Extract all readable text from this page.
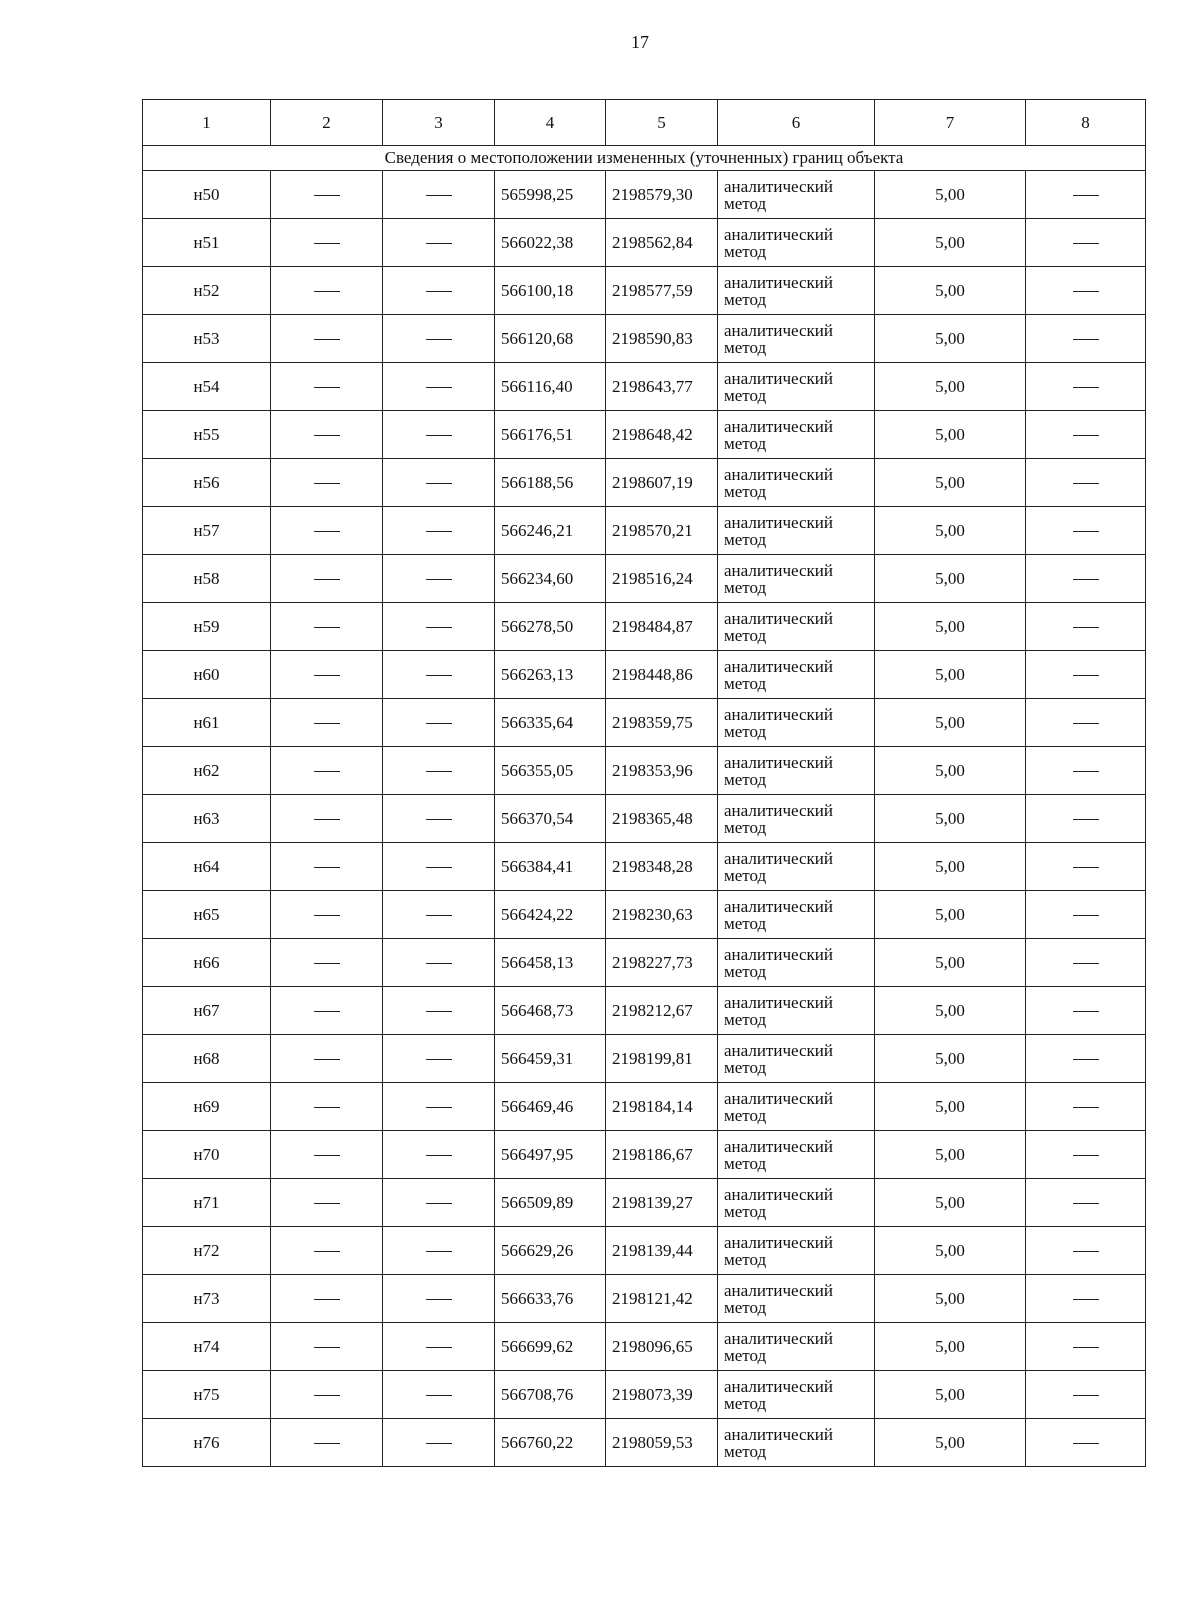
17
1	2	3	4	5	6	7	8
Сведения о местоположении измененных (уточненных) границ объекта							
н50			565998,25	2198579,30	аналитический метод	5,00	
н51			566022,38	2198562,84	аналитический метод	5,00	
н52			566100,18	2198577,59	аналитический метод	5,00	
н53			566120,68	2198590,83	аналитический метод	5,00	
н54			566116,40	2198643,77	аналитический метод	5,00	
н55			566176,51	2198648,42	аналитический метод	5,00	
н56			566188,56	2198607,19	аналитический метод	5,00	
н57			566246,21	2198570,21	аналитический метод	5,00	
н58			566234,60	2198516,24	аналитический метод	5,00	
н59			566278,50	2198484,87	аналитический метод	5,00	
н60			566263,13	2198448,86	аналитический метод	5,00	
н61			566335,64	2198359,75	аналитический метод	5,00	
н62			566355,05	2198353,96	аналитический метод	5,00	
н63			566370,54	2198365,48	аналитический метод	5,00	
н64			566384,41	2198348,28	аналитический метод	5,00	
н65			566424,22	2198230,63	аналитический метод	5,00	
н66			566458,13	2198227,73	аналитический метод	5,00	
н67			566468,73	2198212,67	аналитический метод	5,00	
н68			566459,31	2198199,81	аналитический метод	5,00	
н69			566469,46	2198184,14	аналитический метод	5,00	
н70			566497,95	2198186,67	аналитический метод	5,00	
н71			566509,89	2198139,27	аналитический метод	5,00	
н72			566629,26	2198139,44	аналитический метод	5,00	
н73			566633,76	2198121,42	аналитический метод	5,00	
н74			566699,62	2198096,65	аналитический метод	5,00	
н75			566708,76	2198073,39	аналитический метод	5,00	
н76			566760,22	2198059,53	аналитический метод	5,00	
